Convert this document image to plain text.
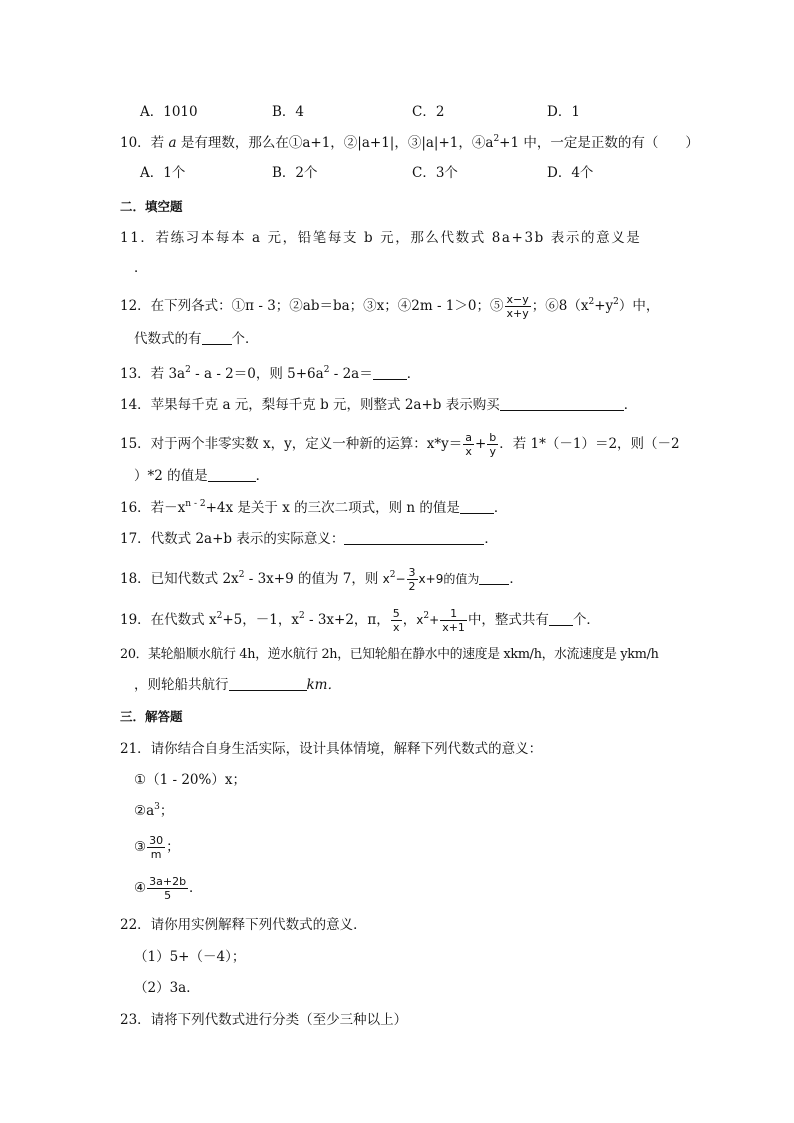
A．1010	B．4	C．2	D．1
10．若 a 是有理数，那么在①a+1，②|a+1|，③|a|+1，$④a^2+1$ 中，一定是正数的有（　　）
A．1个	B．2个	C．3个	D．4个
二．填空题
11．若练习本每本 a 元，铅笔每支 b 元，那么代数式 8a+3b 表示的意义是
．
12．在下列各式：①π - 3；②ab＝ba；③x；④2m - 1＞0；⑤ $\frac{x-y}{x+y}$ ；$⑥8(x^2+y^2)$中，
代数式的有 个．
13．若 $3a^2 - a - 2=0$，则 $5+6a^2 - 2a=$	．
14．苹果每千克 a 元，梨每千克 b 元，则整式 2a+b 表示购买	．
15．对于两个非零实数 x，y，定义一种新的运算：$x*y= \frac{a}{x} + \frac{b}{y}$ ．若 1*（－1）＝2，则（－2
）*2 的值是	．
16．若$-x^{n - 2}+4x$ 是关于 x 的三次二项式，则 n 的值是	．
17．代数式 2a+b 表示的实际意义：	．
18．已知代数式 $2x^2 - 3x+9$ 的值为 7，则 $x^2- \frac{3}{2} x+9$的值为 ．
19．在代数式 $x^2+5$，－1，$x^2 - 3x+2$，π， $\frac{5}{x}$ ，$x^2+ \frac{1}{x+1}$ 中，整式共有 个．
20．某轮船顺水航行 4h，逆水航行 2h，已知轮船在静水中的速度是 xkm/h，水流速度是 ykm/h
，则轮船共航行	km．
三．解答题
21．请你结合自身生活实际，设计具体情境，解释下列代数式的意义：
①（1 - 20%）x；
$②a^3$；
③ $\frac{30}{m}$ ；
④ $\frac{3a+2b}{5}$ ．
22．请你用实例解释下列代数式的意义．
（1）5+（－4）；
（2）3a．
23．请将下列代数式进行分类（至少三种以上）
